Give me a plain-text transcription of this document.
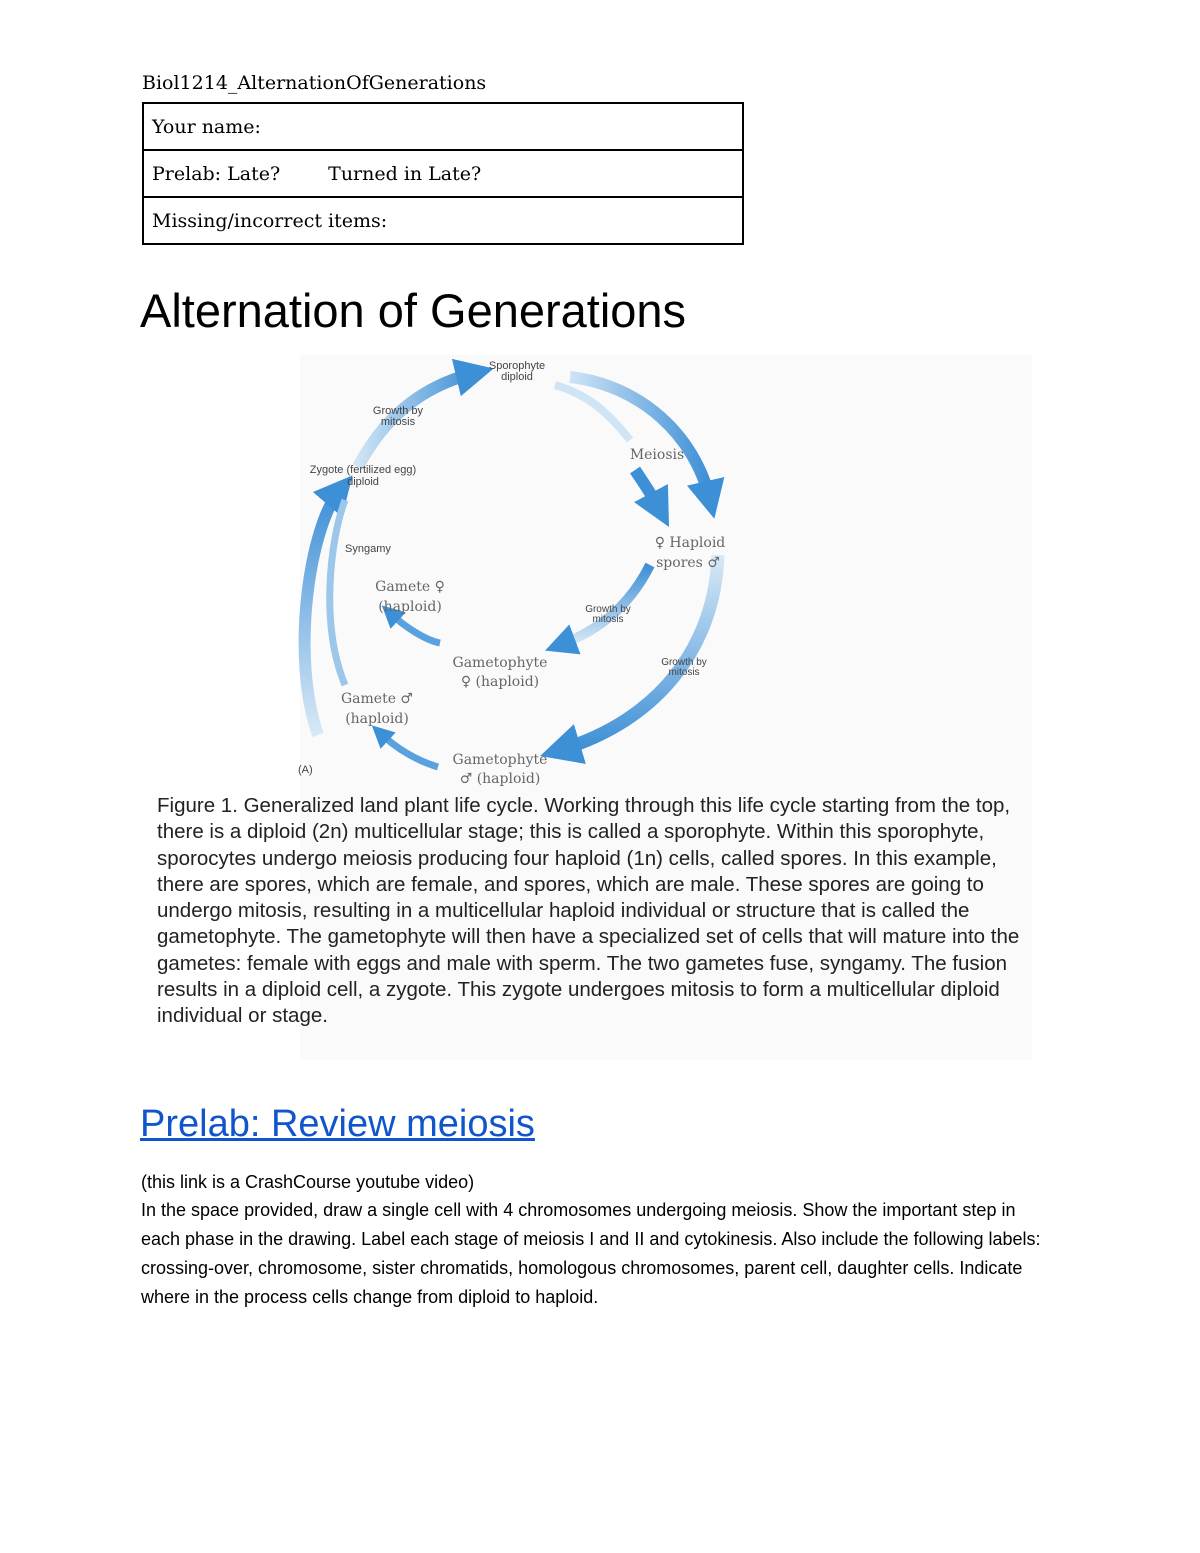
Biol1214_AlternationOfGenerations
Your name:
Prelab: Late?	Turned in Late?
Missing/incorrect items:
Alternation of Generations
Sporophyte
diploid
Growth by
mitosis
Zygote (fertilized egg)
diploid
Syngamy
Growth by
mitosis
Growth by
mitosis
(A)
Meiosis
♀ Haploid
spores ♂
Gamete ♀
(haploid)
Gametophyte
♀ (haploid)
Gamete ♂
(haploid)
Gametophyte
♂ (haploid)
Figure 1. Generalized land plant life cycle. Working through this life cycle starting from the top, there is a diploid (2n) multicellular stage; this is called a sporophyte. Within this sporophyte, sporocytes undergo meiosis producing four haploid (1n) cells, called spores. In this example, there are spores, which are female, and spores, which are male. These spores are going to undergo mitosis, resulting in a multicellular haploid individual or structure that is called the gametophyte. The gametophyte will then have a specialized set of cells that will mature into the gametes: female with eggs and male with sperm. The two gametes fuse, syngamy. The fusion results in a diploid cell, a zygote. This zygote undergoes mitosis to form a multicellular diploid individual or stage.
Prelab: Review meiosis
(this link is a CrashCourse youtube video)

In the space provided, draw a single cell with 4 chromosomes undergoing meiosis. Show the important step in each phase in the drawing. Label each stage of meiosis I and II and cytokinesis. Also include the following labels: crossing-over, chromosome, sister chromatids, homologous chromosomes, parent cell, daughter cells. Indicate where in the process cells change from diploid to haploid.
